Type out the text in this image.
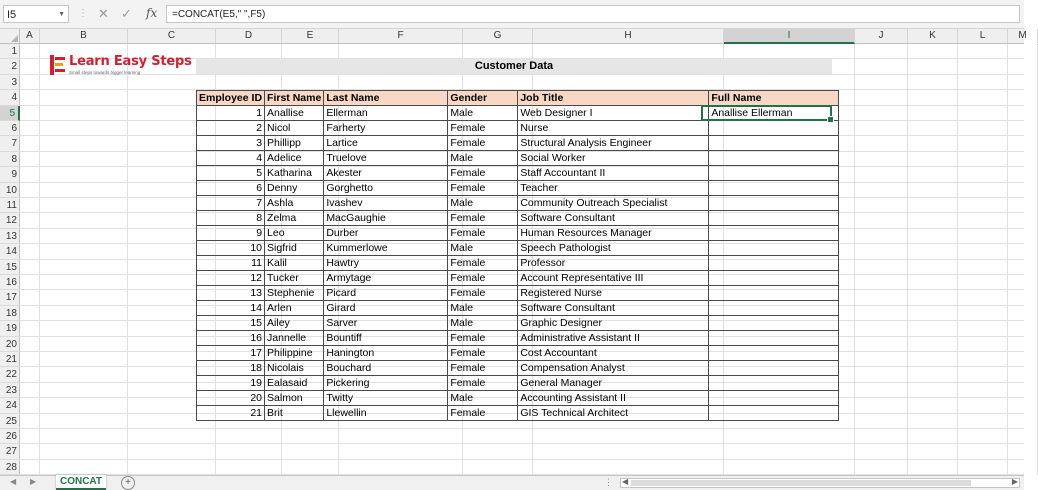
I5	▼ ⋮ ✕ ✓ fx	=CONCAT(E5," ",F5)
A	B	C	D	E	F	G	H	I	J	K	L	M
1
2
3
4
5
6
7
8
9
10
11
12
13
14
15
16
17
18
19
20
21
22
23
24
25
26
27
28
Learn Easy Steps
Small steps towards bigger learning
Customer Data
Employee ID	First Name	Last Name	Gender	Job Title	Full Name
1	Anallise	Ellerman	Male	Web Designer I	Anallise Ellerman
2	Nicol	Farherty	Female	Nurse	
3	Phillipp	Lartice	Female	Structural Analysis Engineer	
4	Adelice	Truelove	Male	Social Worker	
5	Katharina	Akester	Female	Staff Accountant II	
6	Denny	Gorghetto	Female	Teacher	
7	Ashla	Ivashev	Male	Community Outreach Specialist	
8	Zelma	MacGaughie	Female	Software Consultant	
9	Leo	Durber	Female	Human Resources Manager	
10	Sigfrid	Kummerlowe	Male	Speech Pathologist	
11	Kalil	Hawtry	Female	Professor	
12	Tucker	Armytage	Female	Account Representative III	
13	Stephenie	Picard	Female	Registered Nurse	
14	Arlen	Girard	Male	Software Consultant	
15	Ailey	Sarver	Male	Graphic Designer	
16	Jannelle	Bountiff	Female	Administrative Assistant II	
17	Philippine	Hanington	Female	Cost Accountant	
18	Nicolais	Bouchard	Female	Compensation Analyst	
19	Ealasaid	Pickering	Female	General Manager	
20	Salmon	Twitty	Male	Accounting Assistant II	
21	Brit	Llewellin	Female	GIS Technical Architect	
◀ ▶	CONCAT	+	⋮ ◀	▶
